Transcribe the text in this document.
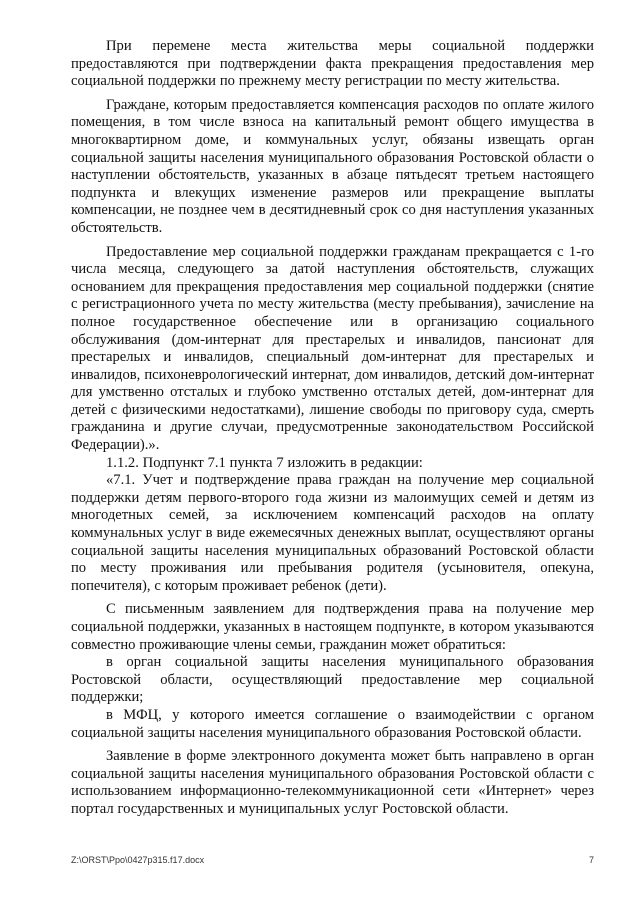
При перемене места жительства меры социальной поддержки предоставляются при подтверждении факта прекращения предоставления мер социальной поддержки по прежнему месту регистрации по месту жительства.

Граждане, которым предоставляется компенсация расходов по оплате жилого помещения, в том числе взноса на капитальный ремонт общего имущества в многоквартирном доме, и коммунальных услуг, обязаны извещать орган социальной защиты населения муниципального образования Ростовской области о наступлении обстоятельств, указанных в абзаце пятьдесят третьем настоящего подпункта и влекущих изменение размеров или прекращение выплаты компенсации, не позднее чем в десятидневный срок со дня наступления указанных обстоятельств.

Предоставление мер социальной поддержки гражданам прекращается с 1-го числа месяца, следующего за датой наступления обстоятельств, служащих основанием для прекращения предоставления мер социальной поддержки (снятие с регистрационного учета по месту жительства (месту пребывания), зачисление на полное государственное обеспечение или в организацию социального обслуживания (дом-интернат для престарелых и инвалидов, пансионат для престарелых и инвалидов, специальный дом-интернат для престарелых и инвалидов, психоневрологический интернат, дом инвалидов, детский дом-интернат для умственно отсталых и глубоко умственно отсталых детей, дом-интернат для детей с физическими недостатками), лишение свободы по приговору суда, смерть гражданина и другие случаи, предусмотренные законодательством Российской Федерации).».

1.1.2. Подпункт 7.1 пункта 7 изложить в редакции:

«7.1. Учет и подтверждение права граждан на получение мер социальной поддержки детям первого-второго года жизни из малоимущих семей и детям из многодетных семей, за исключением компенсаций расходов на оплату коммунальных услуг в виде ежемесячных денежных выплат, осуществляют органы социальной защиты населения муниципальных образований Ростовской области по месту проживания или пребывания родителя (усыновителя, опекуна, попечителя), с которым проживает ребенок (дети).

С письменным заявлением для подтверждения права на получение мер социальной поддержки, указанных в настоящем подпункте, в котором указываются совместно проживающие члены семьи, гражданин может обратиться:

в орган социальной защиты населения муниципального образования Ростовской области, осуществляющий предоставление мер социальной поддержки;

в МФЦ, у которого имеется соглашение о взаимодействии с органом социальной защиты населения муниципального образования Ростовской области.

Заявление в форме электронного документа может быть направлено в орган социальной защиты населения муниципального образования Ростовской области с использованием информационно-телекоммуникационной сети «Интернет» через портал государственных и муниципальных услуг Ростовской области.

Z:\ORST\Ppo\0427p315.f17.docx	7
